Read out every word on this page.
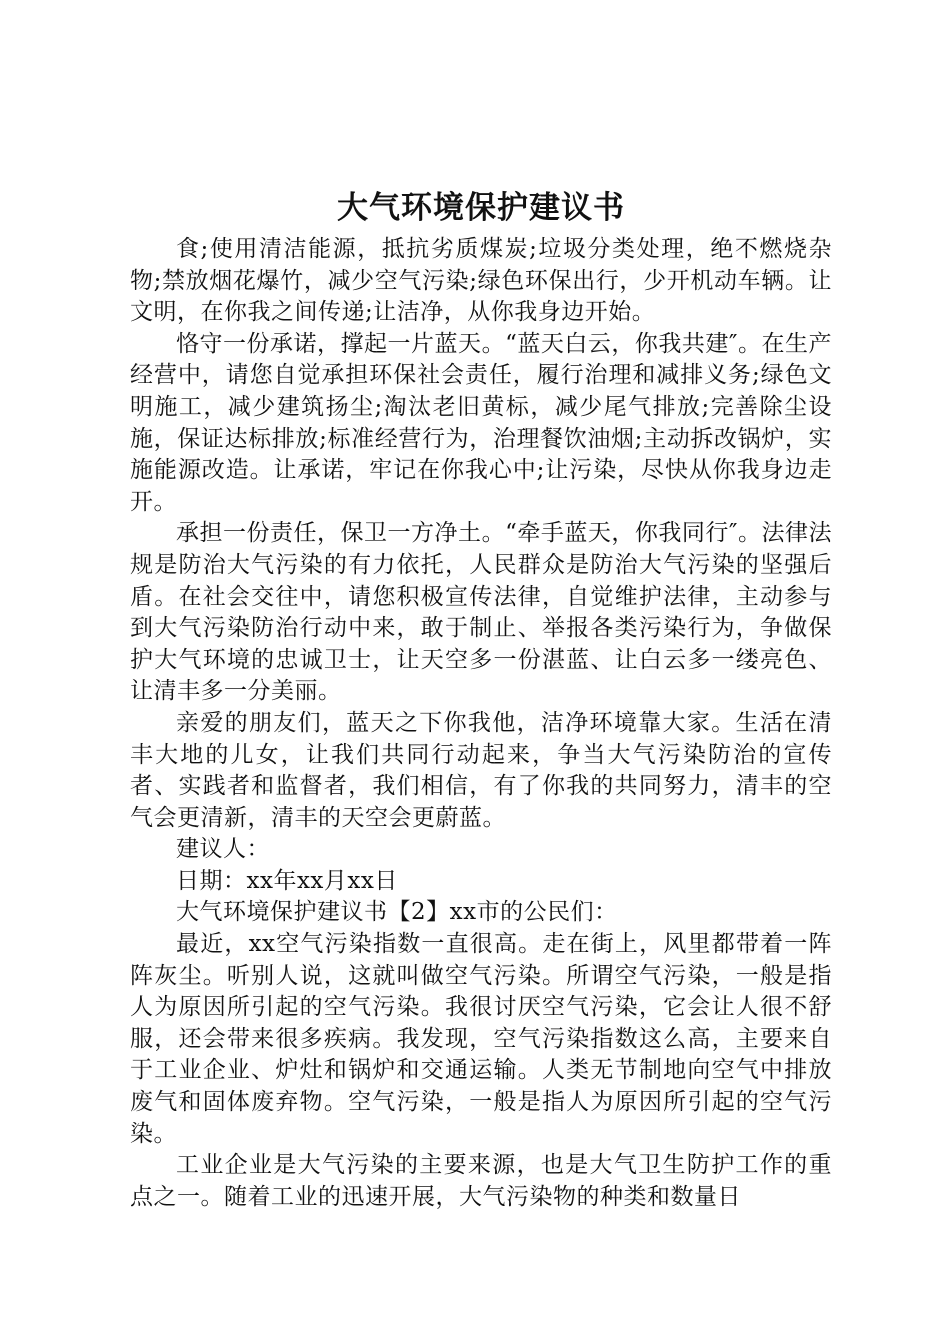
大气环境保护建议书

食;使用清洁能源，抵抗劣质煤炭;垃圾分类处理，绝不燃烧杂物;禁放烟花爆竹，减少空气污染;绿色环保出行，少开机动车辆。让文明，在你我之间传递;让洁净，从你我身边开始。

恪守一份承诺，撑起一片蓝天。“蓝天白云，你我共建″。在生产经营中，请您自觉承担环保社会责任，履行治理和减排义务;绿色文明施工，减少建筑扬尘;淘汰老旧黄标，减少尾气排放;完善除尘设施，保证达标排放;标准经营行为，治理餐饮油烟;主动拆改锅炉，实施能源改造。让承诺，牢记在你我心中;让污染，尽快从你我身边走开。

承担一份责任，保卫一方净土。“牵手蓝天，你我同行″。法律法规是防治大气污染的有力依托，人民群众是防治大气污染的坚强后盾。在社会交往中，请您积极宣传法律，自觉维护法律，主动参与到大气污染防治行动中来，敢于制止、举报各类污染行为，争做保护大气环境的忠诚卫士，让天空多一份湛蓝、让白云多一缕亮色、让清丰多一分美丽。

亲爱的朋友们，蓝天之下你我他，洁净环境靠大家。生活在清丰大地的儿女，让我们共同行动起来，争当大气污染防治的宣传者、实践者和监督者，我们相信，有了你我的共同努力，清丰的空气会更清新，清丰的天空会更蔚蓝。

建议人：

日期：xx年xx月xx日

大气环境保护建议书【2】xx市的公民们：

最近，xx空气污染指数一直很高。走在街上，风里都带着一阵阵灰尘。听别人说，这就叫做空气污染。所谓空气污染，一般是指人为原因所引起的空气污染。我很讨厌空气污染，它会让人很不舒服，还会带来很多疾病。我发现，空气污染指数这么高，主要来自于工业企业、炉灶和锅炉和交通运输。人类无节制地向空气中排放废气和固体废弃物。空气污染，一般是指人为原因所引起的空气污染。

工业企业是大气污染的主要来源，也是大气卫生防护工作的重点之一。随着工业的迅速开展，大气污染物的种类和数量日
